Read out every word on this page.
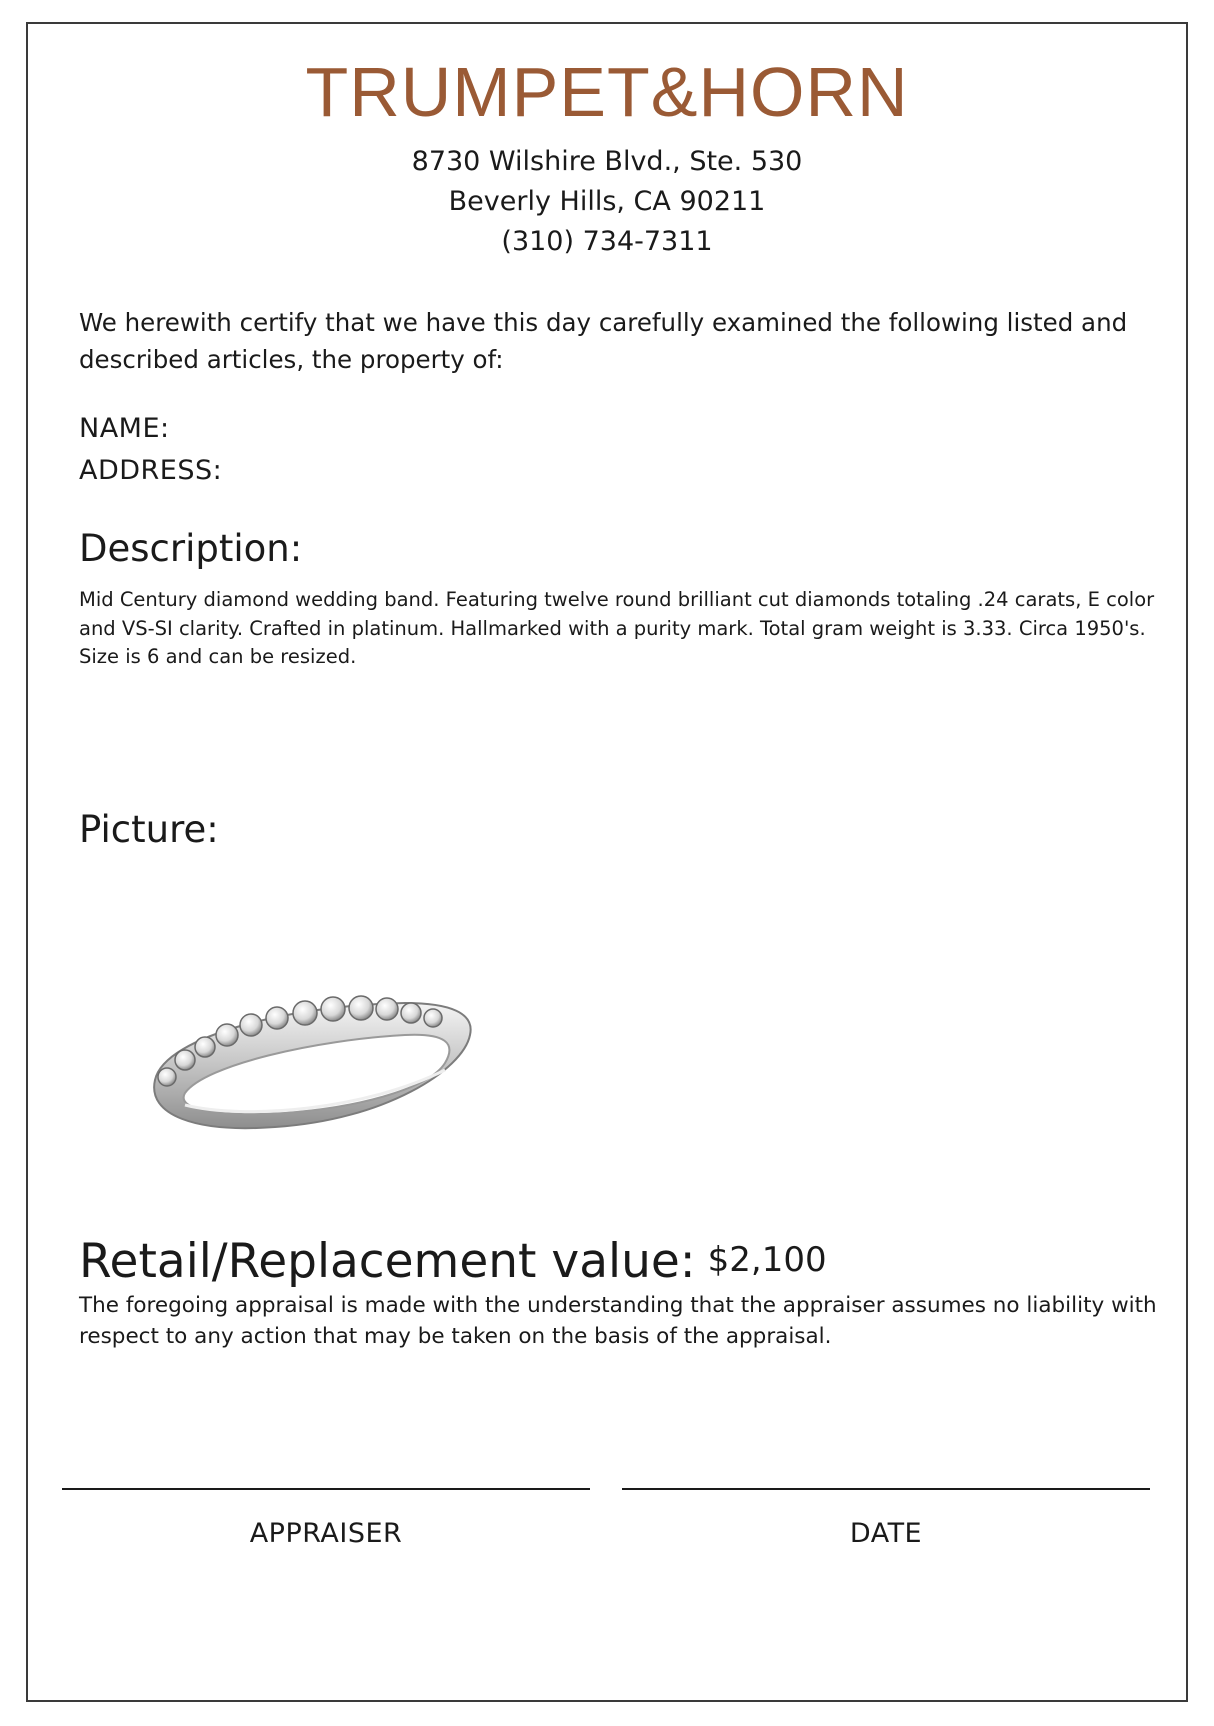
TRUMPET&HORN
8730 Wilshire Blvd., Ste. 530
Beverly Hills, CA 90211
(310) 734-7311
We herewith certify that we have this day carefully examined the following listed and described articles, the property of:
NAME:
ADDRESS:
Description:
Mid Century diamond wedding band. Featuring twelve round brilliant cut diamonds totaling .24 carats, E color and VS-SI clarity. Crafted in platinum. Hallmarked with a purity mark. Total gram weight is 3.33. Circa 1950's. Size is 6 and can be resized.
Picture:
Retail/Replacement value: $2,100
The foregoing appraisal is made with the understanding that the appraiser assumes no liability with respect to any action that may be taken on the basis of the appraisal.
APPRAISER	DATE
